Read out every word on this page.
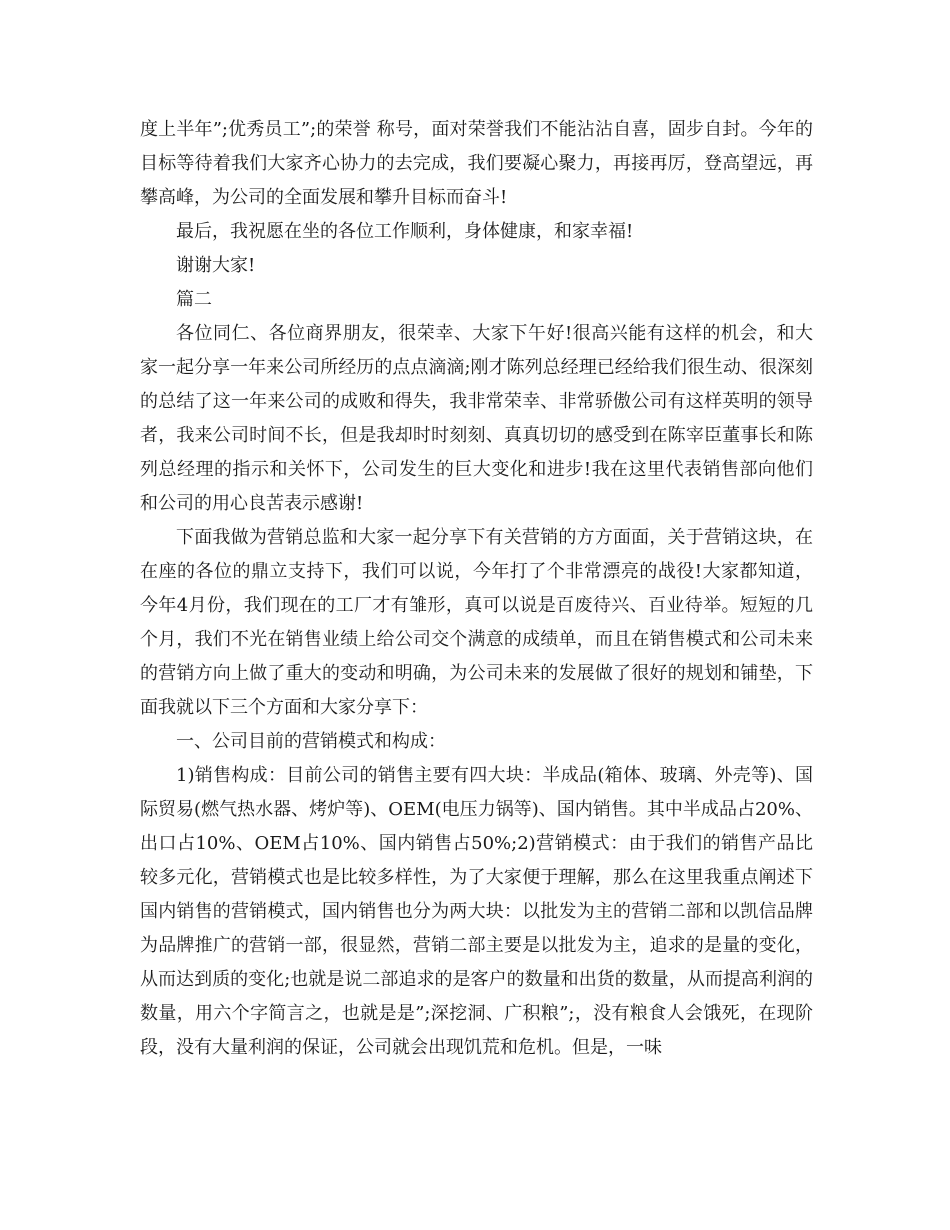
度上半年”;优秀员工”;的荣誉 称号，面对荣誉我们不能沾沾自喜，固步自封。今年的目标等待着我们大家齐心协力的去完成，我们要凝心聚力，再接再厉，登高望远，再攀高峰，为公司的全面发展和攀升目标而奋斗!

最后，我祝愿在坐的各位工作顺利，身体健康，和家幸福!

谢谢大家!

篇二

各位同仁、各位商界朋友，很荣幸、大家下午好!很高兴能有这样的机会，和大家一起分享一年来公司所经历的点点滴滴;刚才陈列总经理已经给我们很生动、很深刻的总结了这一年来公司的成败和得失，我非常荣幸、非常骄傲公司有这样英明的领导者，我来公司时间不长，但是我却时时刻刻、真真切切的感受到在陈宰臣董事长和陈列总经理的指示和关怀下，公司发生的巨大变化和进步!我在这里代表销售部向他们和公司的用心良苦表示感谢!

下面我做为营销总监和大家一起分享下有关营销的方方面面，关于营销这块，在在座的各位的鼎立支持下，我们可以说，今年打了个非常漂亮的战役!大家都知道，今年4月份，我们现在的工厂才有雏形，真可以说是百废待兴、百业待举。短短的几个月，我们不光在销售业绩上给公司交个满意的成绩单，而且在销售模式和公司未来的营销方向上做了重大的变动和明确，为公司未来的发展做了很好的规划和铺垫，下面我就以下三个方面和大家分享下：

一、公司目前的营销模式和构成：

1)销售构成：目前公司的销售主要有四大块：半成品(箱体、玻璃、外壳等)、国际贸易(燃气热水器、烤炉等)、OEM(电压力锅等)、国内销售。其中半成品占20%、出口占10%、OEM占10%、国内销售占50%;2)营销模式：由于我们的销售产品比较多元化，营销模式也是比较多样性，为了大家便于理解，那么在这里我重点阐述下国内销售的营销模式，国内销售也分为两大块：以批发为主的营销二部和以凯信品牌为品牌推广的营销一部，很显然，营销二部主要是以批发为主，追求的是量的变化，从而达到质的变化;也就是说二部追求的是客户的数量和出货的数量，从而提高利润的数量，用六个字简言之，也就是是”;深挖洞、广积粮”;，没有粮食人会饿死，在现阶段，没有大量利润的保证，公司就会出现饥荒和危机。但是，一味
